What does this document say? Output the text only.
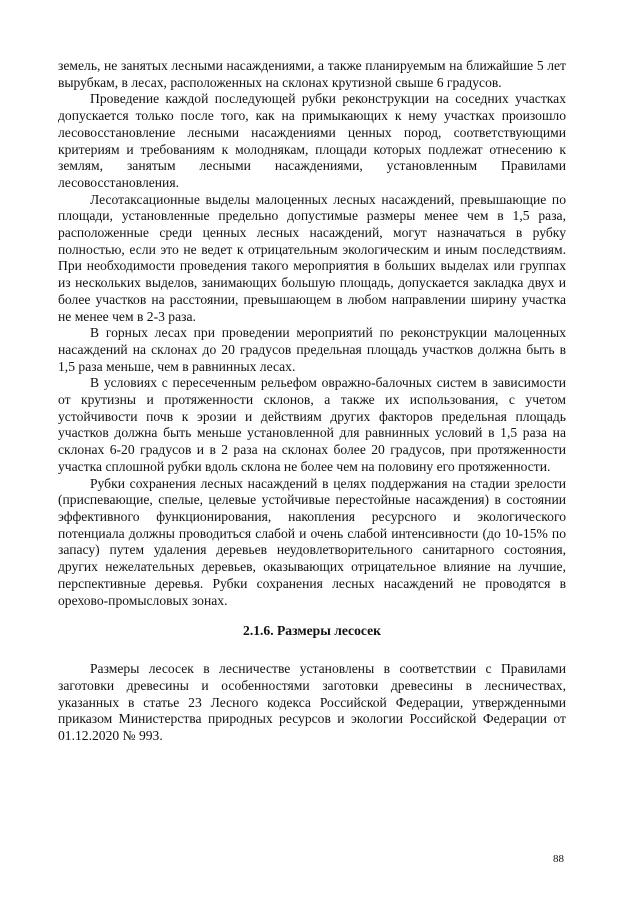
земель, не занятых лесными насаждениями, а также планируемым на ближайшие 5 лет вырубкам, в лесах, расположенных на склонах крутизной свыше 6 градусов.

Проведение каждой последующей рубки реконструкции на соседних участках допускается только после того, как на примыкающих к нему участках произошло лесовосстановление лесными насаждениями ценных пород, соответствующими критериям и требованиям к молоднякам, площади которых подлежат отнесению к землям, занятым лесными насаждениями, установленным Правилами лесовосстановления.

Лесотаксационные выделы малоценных лесных насаждений, превышающие по площади, установленные предельно допустимые размеры менее чем в 1,5 раза, расположенные среди ценных лесных насаждений, могут назначаться в рубку полностью, если это не ведет к отрицательным экологическим и иным последствиям. При необходимости проведения такого мероприятия в больших выделах или группах из нескольких выделов, занимающих большую площадь, допускается закладка двух и более участков на расстоянии, превышающем в любом направлении ширину участка не менее чем в 2-3 раза.

В горных лесах при проведении мероприятий по реконструкции малоценных насаждений на склонах до 20 градусов предельная площадь участков должна быть в 1,5 раза меньше, чем в равнинных лесах.

В условиях с пересеченным рельефом овражно-балочных систем в зависимости от крутизны и протяженности склонов, а также их использования, с учетом устойчивости почв к эрозии и действиям других факторов предельная площадь участков должна быть меньше установленной для равнинных условий в 1,5 раза на склонах 6-20 градусов и в 2 раза на склонах более 20 градусов, при протяженности участка сплошной рубки вдоль склона не более чем на половину его протяженности.

Рубки сохранения лесных насаждений в целях поддержания на стадии зрелости (приспевающие, спелые, целевые устойчивые перестойные насаждения) в состоянии эффективного функционирования, накопления ресурсного и экологического потенциала должны проводиться слабой и очень слабой интенсивности (до 10-15% по запасу) путем удаления деревьев неудовлетворительного санитарного состояния, других нежелательных деревьев, оказывающих отрицательное влияние на лучшие, перспективные деревья. Рубки сохранения лесных насаждений не проводятся в орехово-промысловых зонах.

2.1.6. Размеры лесосек

Размеры лесосек в лесничестве установлены в соответствии с Правилами заготовки древесины и особенностями заготовки древесины в лесничествах, указанных в статье 23 Лесного кодекса Российской Федерации, утвержденными приказом Министерства природных ресурсов и экологии Российской Федерации от 01.12.2020 № 993.

88
